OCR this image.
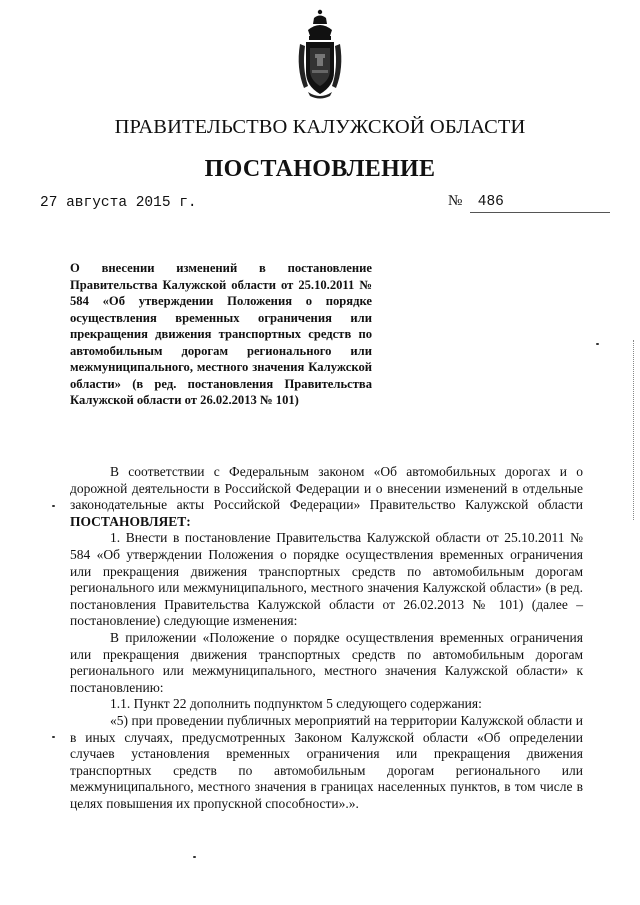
ПРАВИТЕЛЬСТВО КАЛУЖСКОЙ ОБЛАСТИ
ПОСТАНОВЛЕНИЕ
27 августа 2015 г.	№ 486

О внесении изменений в постановление Правительства Калужской области от 25.10.2011 № 584 «Об утверждении Положения о порядке осуществления временных ограничения или прекращения движения транспортных средств по автомобильным дорогам регионального или межмуниципального, местного значения Калужской области» (в ред. постановления Правительства Калужской области от 26.02.2013 № 101)

В соответствии с Федеральным законом «Об автомобильных дорогах и о дорожной деятельности в Российской Федерации и о внесении изменений в отдельные законодательные акты Российской Федерации» Правительство Калужской области ПОСТАНОВЛЯЕТ:

1. Внести в постановление Правительства Калужской области от 25.10.2011 № 584 «Об утверждении Положения о порядке осуществления временных ограничения или прекращения движения транспортных средств по автомобильным дорогам регионального или межмуниципального, местного значения Калужской области» (в ред. постановления Правительства Калужской области от 26.02.2013 № 101) (далее – постановление) следующие изменения:

В приложении «Положение о порядке осуществления временных ограничения или прекращения движения транспортных средств по автомобильным дорогам регионального или межмуниципального, местного значения Калужской области» к постановлению:

1.1. Пункт 22 дополнить подпунктом 5 следующего содержания:

«5) при проведении публичных мероприятий на территории Калужской области и в иных случаях, предусмотренных Законом Калужской области «Об определении случаев установления временных ограничения или прекращения движения транспортных средств по автомобильным дорогам регионального или межмуниципального, местного значения в границах населенных пунктов, в том числе в целях повышения их пропускной способности».».
